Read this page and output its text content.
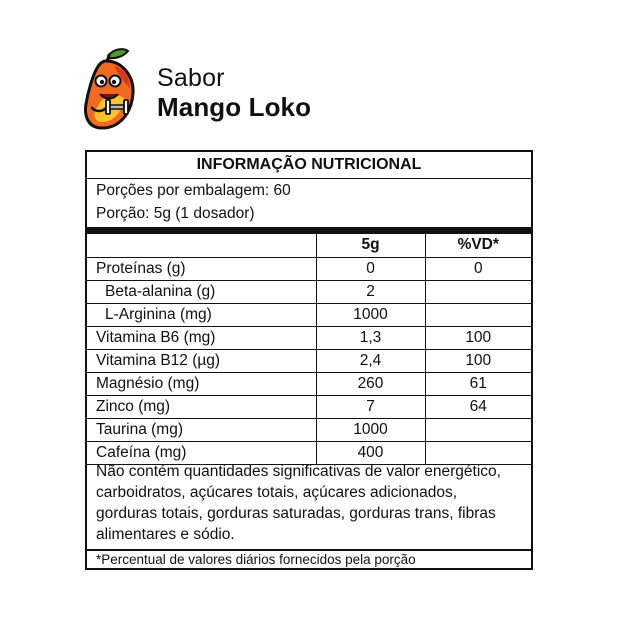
Sabor
Mango Loko
INFORMAÇÃO NUTRICIONAL
Porções por embalagem: 60
Porção: 5g (1 dosador)
	5g	%VD*
Proteínas (g)	0	0
Beta-alanina (g)	2	
L-Arginina (mg)	1000	
Vitamina B6 (mg)	1,3	100
Vitamina B12 (µg)	2,4	100
Magnésio (mg)	260	61
Zinco (mg)	7	64
Taurina (mg)	1000	
Cafeína (mg)	400	
Não contém quantidades significativas de valor energético, carboidratos, açúcares totais, açúcares adicionados, gorduras totais, gorduras saturadas, gorduras trans, fibras alimentares e sódio.
*Percentual de valores diários fornecidos pela porção
